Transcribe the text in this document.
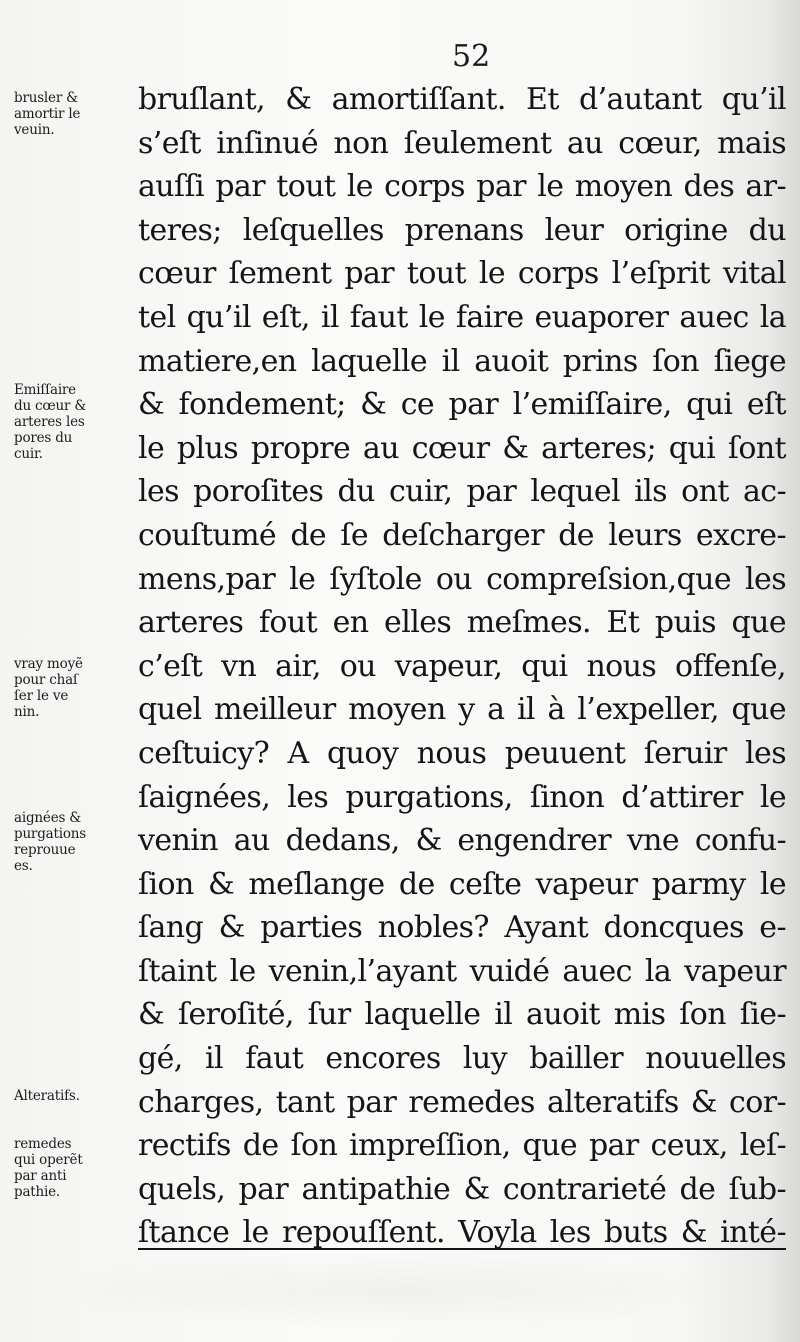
52
bruſlant, & amortiſſant. Et d’autant qu’il
s’eſt inſinué non ſeulement au cœur, mais
auſſi par tout le corps par le moyen des ar-
teres; leſquelles prenans leur origine du
cœur ſement par tout le corps l’eſprit vital
tel qu’il eſt, il faut le faire euaporer auec la
matiere,en laquelle il auoit prins ſon ſiege
& fondement; & ce par l’emiſſaire, qui eſt
le plus propre au cœur & arteres; qui ſont
les poroſites du cuir, par lequel ils ont ac-
couſtumé de ſe deſcharger de leurs excre-
mens,par le ſyſtole ou compreſsion,que les
arteres fout en elles meſmes. Et puis que
c’eſt vn air, ou vapeur, qui nous offenſe,
quel meilleur moyen y a il à l’expeller, que
ceſtuicy? A quoy nous peuuent ſeruir les
ſaignées, les purgations, ſinon d’attirer le
venin au dedans, & engendrer vne confu-
ſion & meſlange de ceſte vapeur parmy le
ſang & parties nobles? Ayant doncques e-
ſtaint le venin,l’ayant vuidé auec la vapeur
& ſeroſité, ſur laquelle il auoit mis ſon ſie-
gé, il faut encores luy bailler nouuelles
charges, tant par remedes alteratifs & cor-
rectifs de ſon impreſſion, que par ceux, leſ-
quels, par antipathie & contrarieté de ſub-
ſtance le repouſſent. Voyla les buts & inté-
brusler &
amortir le
veuin.
Emiſſaire
du cœur &
arteres les
pores du
cuir.
vray moyẽ
pour chaſ
ſer le ve
nin.
aignées &
purgations
reprouue
es.
Alteratifs.
remedes
qui operẽt
par anti
pathie.
